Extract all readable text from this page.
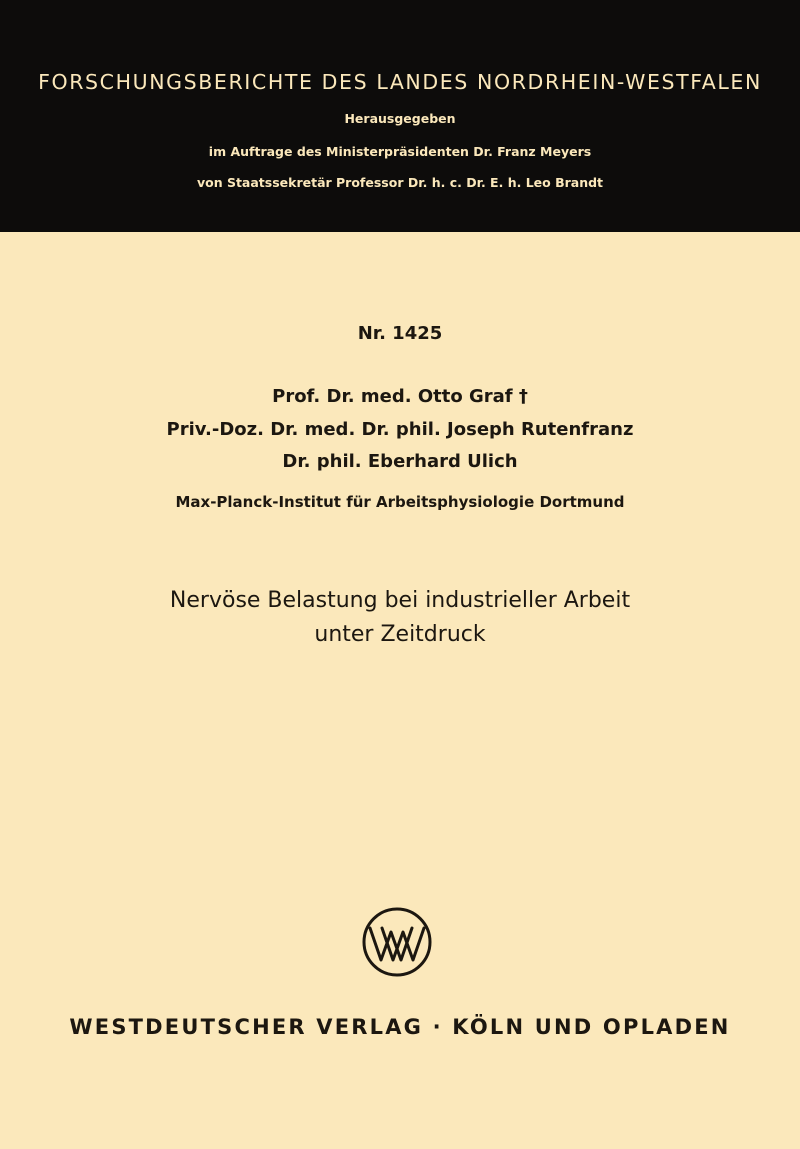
FORSCHUNGSBERICHTE DES LANDES NORDRHEIN-WESTFALEN
Herausgegeben
im Auftrage des Ministerpräsidenten Dr. Franz Meyers
von Staatssekretär Professor Dr. h. c. Dr. E. h. Leo Brandt
Nr. 1425
Prof. Dr. med. Otto Graf †
Priv.-Doz. Dr. med. Dr. phil. Joseph Rutenfranz
Dr. phil. Eberhard Ulich
Max-Planck-Institut für Arbeitsphysiologie Dortmund
Nervöse Belastung bei industrieller Arbeit
unter Zeitdruck
WESTDEUTSCHER VERLAG · KÖLN UND OPLADEN
